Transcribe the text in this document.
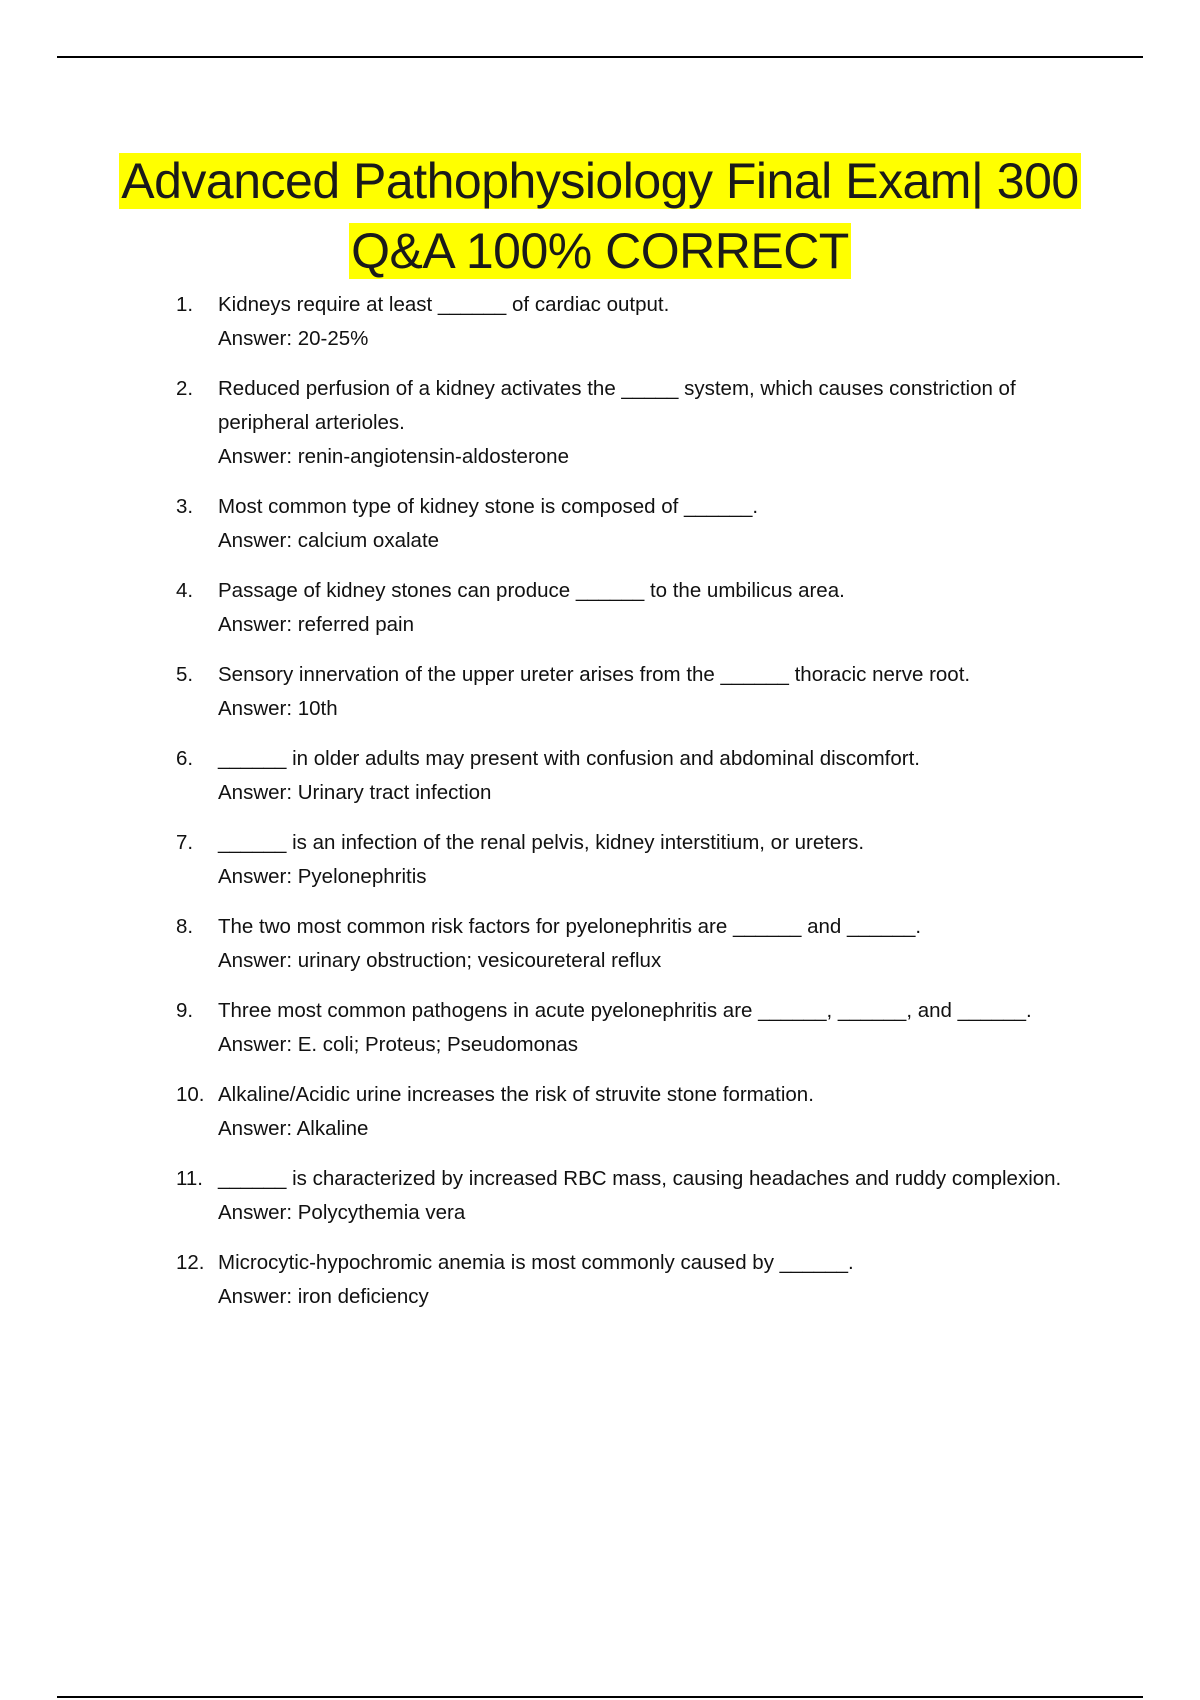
Advanced Pathophysiology Final Exam| 300
Q&A 100% CORRECT
1. Kidneys require at least ______ of cardiac output.
Answer: 20-25%
2. Reduced perfusion of a kidney activates the _____ system, which causes constriction of peripheral arterioles.
Answer: renin-angiotensin-aldosterone
3. Most common type of kidney stone is composed of ______.
Answer: calcium oxalate
4. Passage of kidney stones can produce ______ to the umbilicus area.
Answer: referred pain
5. Sensory innervation of the upper ureter arises from the ______ thoracic nerve root.
Answer: 10th
6. ______ in older adults may present with confusion and abdominal discomfort.
Answer: Urinary tract infection
7. ______ is an infection of the renal pelvis, kidney interstitium, or ureters.
Answer: Pyelonephritis
8. The two most common risk factors for pyelonephritis are ______ and ______.
Answer: urinary obstruction; vesicoureteral reflux
9. Three most common pathogens in acute pyelonephritis are ______, ______, and ______.
Answer: E. coli; Proteus; Pseudomonas
10. Alkaline/Acidic urine increases the risk of struvite stone formation.
Answer: Alkaline
11. ______ is characterized by increased RBC mass, causing headaches and ruddy complexion.
Answer: Polycythemia vera
12. Microcytic-hypochromic anemia is most commonly caused by ______.
Answer: iron deficiency
